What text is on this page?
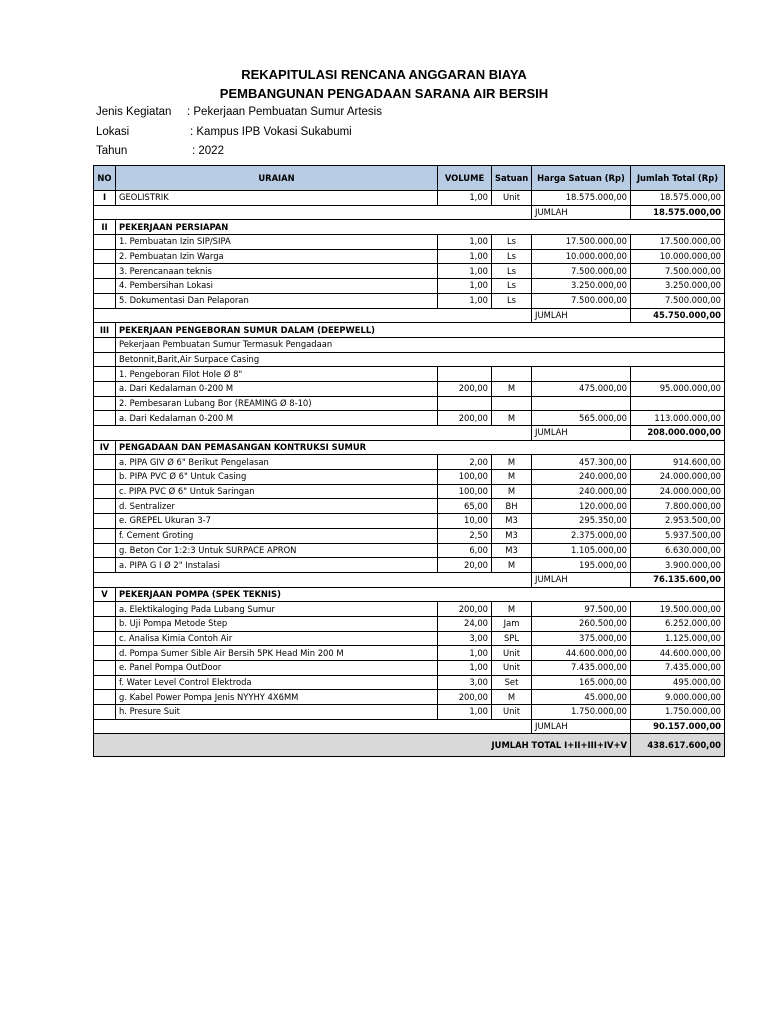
REKAPITULASI RENCANA ANGGARAN BIAYA
PEMBANGUNAN PENGADAAN SARANA AIR BERSIH
Jenis Kegiatan : Pekerjaan Pembuatan Sumur Artesis
Lokasi	: Kampus IPB Vokasi Sukabumi
Tahun	: 2022
NO	URAIAN	VOLUME	Satuan	Harga Satuan (Rp)	Jumlah Total (Rp)
I	GEOLISTRIK	1,00	Unit	18.575.000,00	18.575.000,00
				JUMLAH	18.575.000,00
II	PEKERJAAN PERSIAPAN				
	1. Pembuatan Izin SIP/SIPA	1,00	Ls	17.500.000,00	17.500.000,00
	2. Pembuatan Izin Warga	1,00	Ls	10.000.000,00	10.000.000,00
	3. Perencanaan teknis	1,00	Ls	7.500.000,00	7.500.000,00
	4. Pembersihan Lokasi	1,00	Ls	3.250.000,00	3.250.000,00
	5. Dokumentasi Dan Pelaporan	1,00	Ls	7.500.000,00	7.500.000,00
				JUMLAH	45.750.000,00
III	PEKERJAAN PENGEBORAN SUMUR DALAM (DEEPWELL)				
	Pekerjaan Pembuatan Sumur Termasuk Pengadaan				
	Betonnit,Barit,Air Surpace Casing				
	1. Pengeboran Filot Hole Ø 8"				
	a. Dari Kedalaman 0-200 M	200,00	M	475.000,00	95.000.000,00
	2. Pembesaran Lubang Bor (REAMING Ø 8-10)				
	a. Dari Kedalaman 0-200 M	200,00	M	565.000,00	113.000.000,00
				JUMLAH	208.000.000,00
IV	PENGADAAN DAN PEMASANGAN KONTRUKSI SUMUR				
	a. PIPA GIV Ø 6" Berikut Pengelasan	2,00	M	457.300,00	914.600,00
	b. PIPA PVC Ø 6" Untuk Casing	100,00	M	240.000,00	24.000.000,00
	c. PIPA PVC Ø 6" Untuk Saringan	100,00	M	240.000,00	24.000.000,00
	d. Sentralizer	65,00	BH	120.000,00	7.800.000,00
	e. GREPEL Ukuran 3-7	10,00	M3	295.350,00	2.953.500,00
	f. Cement Groting	2,50	M3	2.375.000,00	5.937.500,00
	g. Beton Cor 1:2:3 Untuk SURPACE APRON	6,00	M3	1.105.000,00	6.630.000,00
	a. PIPA G I Ø 2" Instalasi	20,00	M	195.000,00	3.900.000,00
				JUMLAH	76.135.600,00
V	PEKERJAAN POMPA (SPEK TEKNIS)				
	a. Elektikaloging Pada Lubang Sumur	200,00	M	97.500,00	19.500.000,00
	b. Uji Pompa Metode Step	24,00	Jam	260.500,00	6.252.000,00
	c. Analisa Kimia Contoh Air	3,00	SPL	375.000,00	1.125.000,00
	d. Pompa Sumer Sible Air Bersih 5PK Head Min 200 M	1,00	Unit	44.600.000,00	44.600.000,00
	e. Panel Pompa OutDoor	1,00	Unit	7.435.000,00	7.435.000,00
	f. Water Level Control Elektroda	3,00	Set	165.000,00	495.000,00
	g. Kabel Power Pompa Jenis NYYHY 4X6MM	200,00	M	45.000,00	9.000.000,00
	h. Presure Suit	1,00	Unit	1.750.000,00	1.750.000,00
				JUMLAH	90.157.000,00
JUMLAH TOTAL I+II+III+IV+V					438.617.600,00
